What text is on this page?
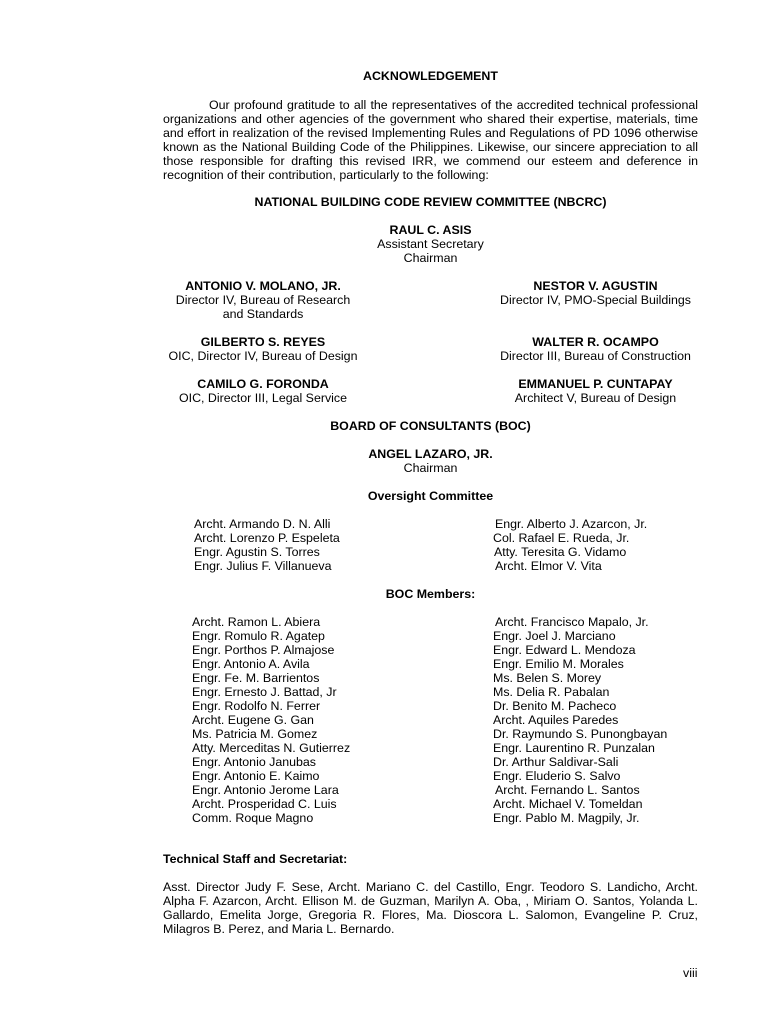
ACKNOWLEDGEMENT

Our profound gratitude to all the representatives of the accredited technical professional organizations and other agencies of the government who shared their expertise, materials, time and effort in realization of the revised Implementing Rules and Regulations of PD 1096 otherwise known as the National Building Code of the Philippines. Likewise, our sincere appreciation to all those responsible for drafting this revised IRR, we commend our esteem and deference in recognition of their contribution, particularly to the following:

NATIONAL BUILDING CODE REVIEW COMMITTEE (NBCRC)
RAUL C. ASIS
Assistant Secretary
Chairman
ANTONIO V. MOLANO, JR.
Director IV, Bureau of Research
and Standards
NESTOR V. AGUSTIN
Director IV, PMO-Special Buildings
GILBERTO S. REYES
OIC, Director IV, Bureau of Design
WALTER R. OCAMPO
Director III, Bureau of Construction
CAMILO G. FORONDA
OIC, Director III, Legal Service
EMMANUEL P. CUNTAPAY
Architect V, Bureau of Design
BOARD OF CONSULTANTS (BOC)
ANGEL LAZARO, JR.
Chairman
Oversight Committee
Archt. Armando D. N. Alli
Archt. Lorenzo P. Espeleta
Engr. Agustin S. Torres
Engr. Julius F. Villanueva
Engr. Alberto J. Azarcon, Jr.
Col. Rafael E. Rueda, Jr.
Atty. Teresita G. Vidamo
Archt. Elmor V. Vita
BOC Members:
Archt. Ramon L. Abiera
Engr. Romulo R. Agatep
Engr. Porthos P. Almajose
Engr. Antonio A. Avila
Engr. Fe. M. Barrientos
Engr. Ernesto J. Battad, Jr
Engr. Rodolfo N. Ferrer
Archt. Eugene G. Gan
Ms. Patricia M. Gomez
Atty. Merceditas N. Gutierrez
Engr. Antonio Janubas
Engr. Antonio E. Kaimo
Engr. Antonio Jerome Lara
Archt. Prosperidad C. Luis
Comm. Roque Magno
Archt. Francisco Mapalo, Jr.
Engr. Joel J. Marciano
Engr. Edward L. Mendoza
Engr. Emilio M. Morales
Ms. Belen S. Morey
Ms. Delia R. Pabalan
Dr. Benito M. Pacheco
Archt. Aquiles Paredes
Dr. Raymundo S. Punongbayan
Engr. Laurentino R. Punzalan
Dr. Arthur Saldivar-Sali
Engr. Eluderio S. Salvo
Archt. Fernando L. Santos
Archt. Michael V. Tomeldan
Engr. Pablo M. Magpily, Jr.
Technical Staff and Secretariat:

Asst. Director Judy F. Sese, Archt. Mariano C. del Castillo, Engr. Teodoro S. Landicho, Archt. Alpha F. Azarcon, Archt. Ellison M. de Guzman, Marilyn A. Oba, , Miriam O. Santos, Yolanda L. Gallardo, Emelita Jorge, Gregoria R. Flores, Ma. Dioscora L. Salomon, Evangeline P. Cruz, Milagros B. Perez, and Maria L. Bernardo.

viii
